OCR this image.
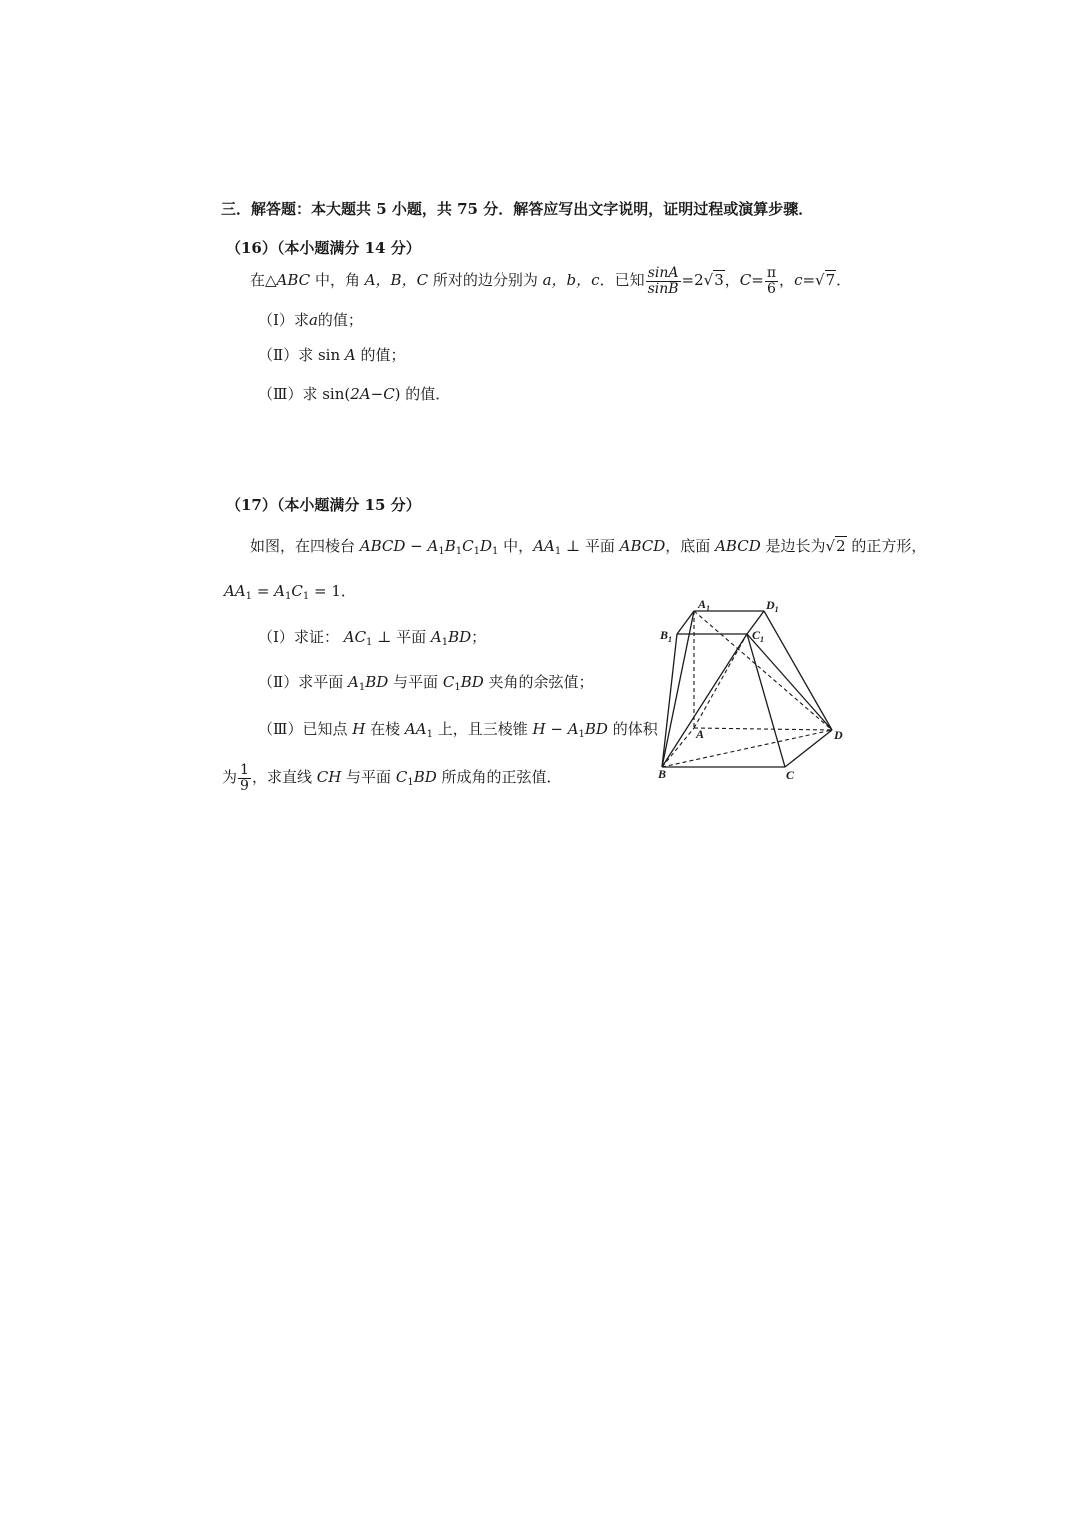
三．解答题：本大题共 5 小题，共 75 分．解答应写出文字说明，证明过程或演算步骤．
（16）（本小题满分 14 分）
在△ABC 中，角 A，B，C 所对的边分别为 a，b，c．已知 $\frac{\sin A}{\sin B} =2√3$，$C= \frac{\pi}{6}$ ，c=√7．
（Ⅰ）求a的值；
（Ⅱ）求 sin A 的值；
（Ⅲ）求 sin(2A−C) 的值．
（17）（本小题满分 15 分）
如图，在四棱台 ABCD − $A_1B_1C_1D_1$ 中，$AA_1$ ⊥ 平面 ABCD，底面 ABCD 是边长为√2 的正方形，
$AA_1 = A_1C_1 = 1$．
（Ⅰ）求证： $AC_1$ ⊥ 平面 $A_1BD$；
（Ⅱ）求平面 $A_1BD$ 与平面 $C_1BD$ 夹角的余弦值；
（Ⅲ）已知点 H 在棱 $AA_1$ 上，且三棱锥 $H - A_1BD$ 的体积
为 $\frac{1}{9}$ ，求直线 CH 与平面 $C_1BD$ 所成角的正弦值．
$A_1$	$D_1$
$B_1$	$C_1$
A	D
B	C
